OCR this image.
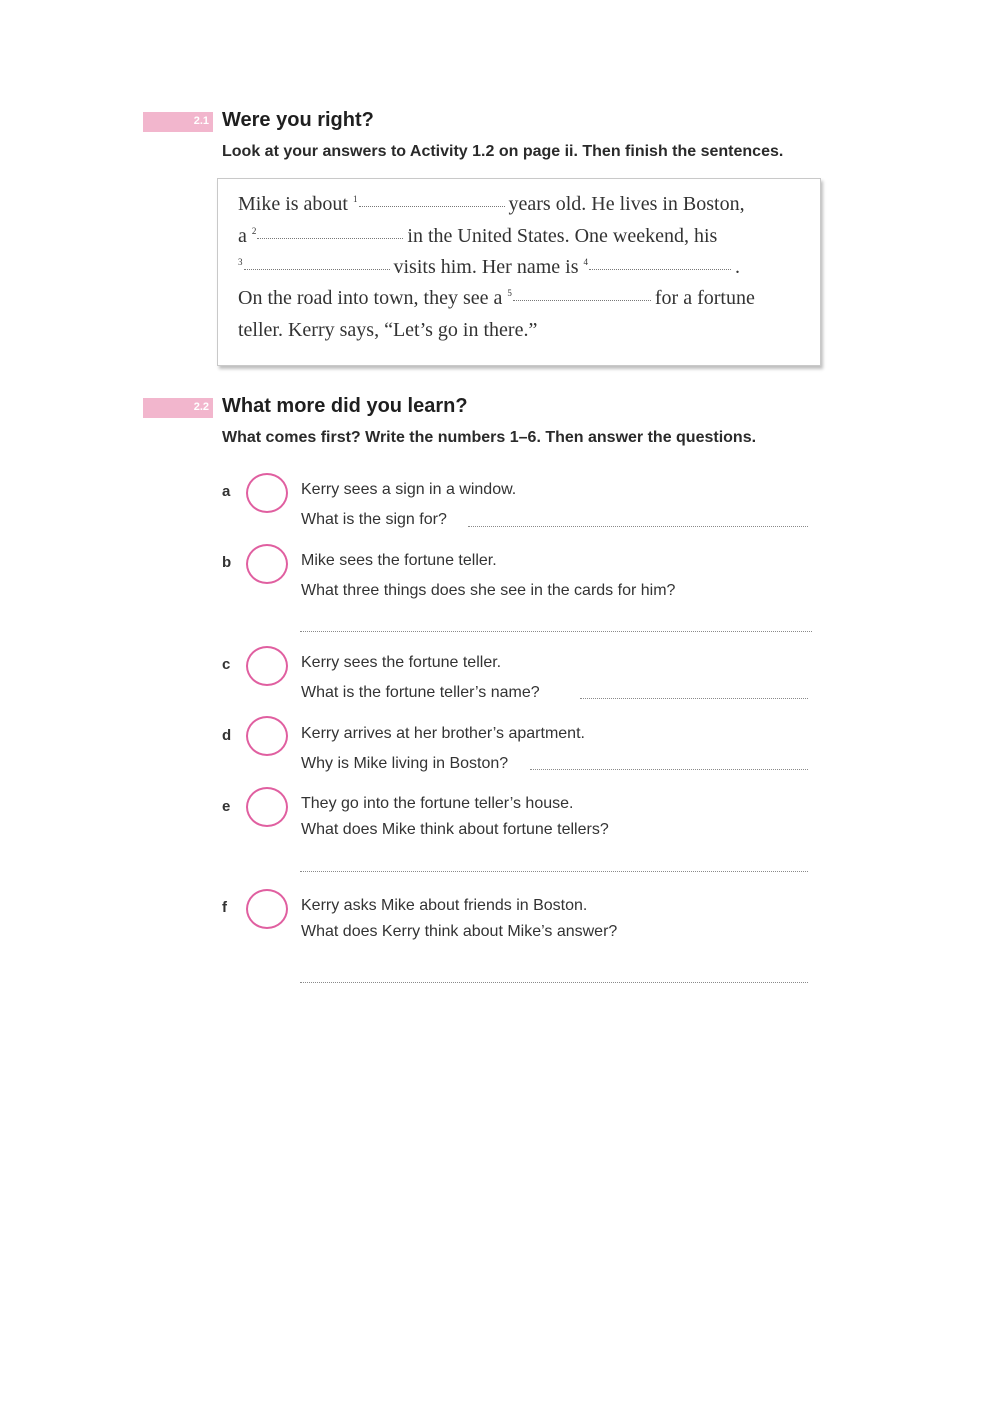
2.1 Were you right?
Look at your answers to Activity 1.2 on page ii. Then finish the sentences.
Mike is about $^1$	years old. He lives in Boston,
a $^2$	in the United States. One weekend, his
$^3$	visits him. Her name is $^4$	.
On the road into town, they see a $^5$	for a fortune
teller. Kerry says, “Let’s go in there.”
2.2 What more did you learn?
What comes first? Write the numbers 1–6. Then answer the questions.
a	Kerry sees a sign in a window.
What is the sign for?
b	Mike sees the fortune teller.
What three things does she see in the cards for him?
c	Kerry sees the fortune teller.
What is the fortune teller’s name?
d	Kerry arrives at her brother’s apartment.
Why is Mike living in Boston?
e	They go into the fortune teller’s house.
What does Mike think about fortune tellers?
f	Kerry asks Mike about friends in Boston.
What does Kerry think about Mike’s answer?
